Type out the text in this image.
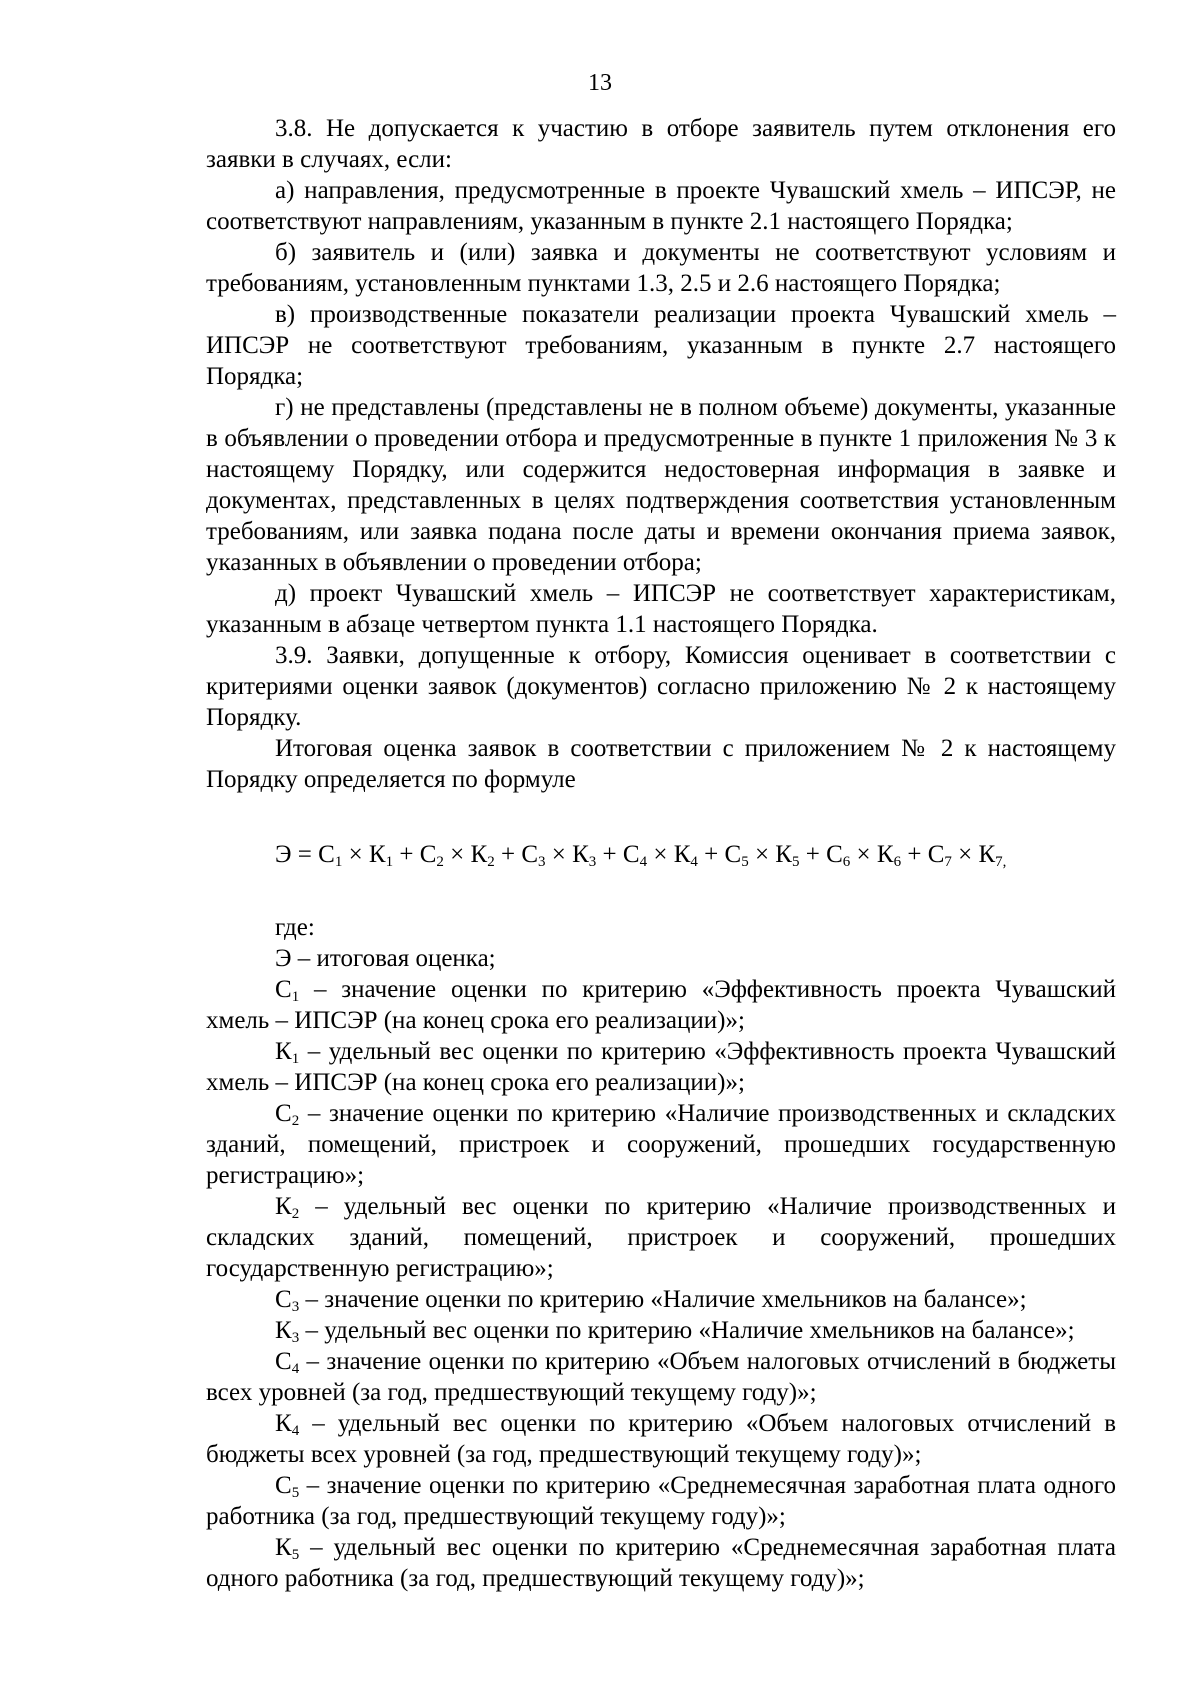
13

3.8. Не допускается к участию в отборе заявитель путем отклонения его заявки в случаях, если:

а) направления, предусмотренные в проекте Чувашский хмель – ИПСЭР, не соответствуют направлениям, указанным в пункте 2.1 настоящего Порядка;

б) заявитель и (или) заявка и документы не соответствуют условиям и требованиям, установленным пунктами 1.3, 2.5 и 2.6 настоящего Порядка;

в) производственные показатели реализации проекта Чувашский хмель – ИПСЭР не соответствуют требованиям, указанным в пункте 2.7 настоящего Порядка;

г) не представлены (представлены не в полном объеме) документы, указанные в объявлении о проведении отбора и предусмотренные в пункте 1 приложения № 3 к настоящему Порядку, или содержится недостоверная информация в заявке и документах, представленных в целях подтверждения соответствия установленным требованиям, или заявка подана после даты и времени окончания приема заявок, указанных в объявлении о проведении отбора;

д) проект Чувашский хмель – ИПСЭР не соответствует характеристикам, указанным в абзаце четвертом пункта 1.1 настоящего Порядка.

3.9. Заявки, допущенные к отбору, Комиссия оценивает в соответствии с критериями оценки заявок (документов) согласно приложению № 2 к настоящему Порядку.

Итоговая оценка заявок в соответствии с приложением № 2 к настоящему Порядку определяется по формуле

$Э = С_1 \times К_1 + С_2 \times К_2 + С_3 \times К_3 + С_4 \times К_4 + С_5 \times К_5 + С_6 \times К_6 + С_7 \times К_7$,

где:

Э – итоговая оценка;

$С_1$ – значение оценки по критерию «Эффективность проекта Чувашский хмель – ИПСЭР (на конец срока его реализации)»;

$К_1$ – удельный вес оценки по критерию «Эффективность проекта Чувашский хмель – ИПСЭР (на конец срока его реализации)»;

$С_2$ – значение оценки по критерию «Наличие производственных и складских зданий, помещений, пристроек и сооружений, прошедших государственную регистрацию»;

$К_2$ – удельный вес оценки по критерию «Наличие производственных и складских зданий, помещений, пристроек и сооружений, прошедших государственную регистрацию»;

$С_3$ – значение оценки по критерию «Наличие хмельников на балансе»;

$К_3$ – удельный вес оценки по критерию «Наличие хмельников на балансе»;

$С_4$ – значение оценки по критерию «Объем налоговых отчислений в бюджеты всех уровней (за год, предшествующий текущему году)»;

$К_4$ – удельный вес оценки по критерию «Объем налоговых отчислений в бюджеты всех уровней (за год, предшествующий текущему году)»;

$С_5$ – значение оценки по критерию «Среднемесячная заработная плата одного работника (за год, предшествующий текущему году)»;

$К_5$ – удельный вес оценки по критерию «Среднемесячная заработная плата одного работника (за год, предшествующий текущему году)»;
